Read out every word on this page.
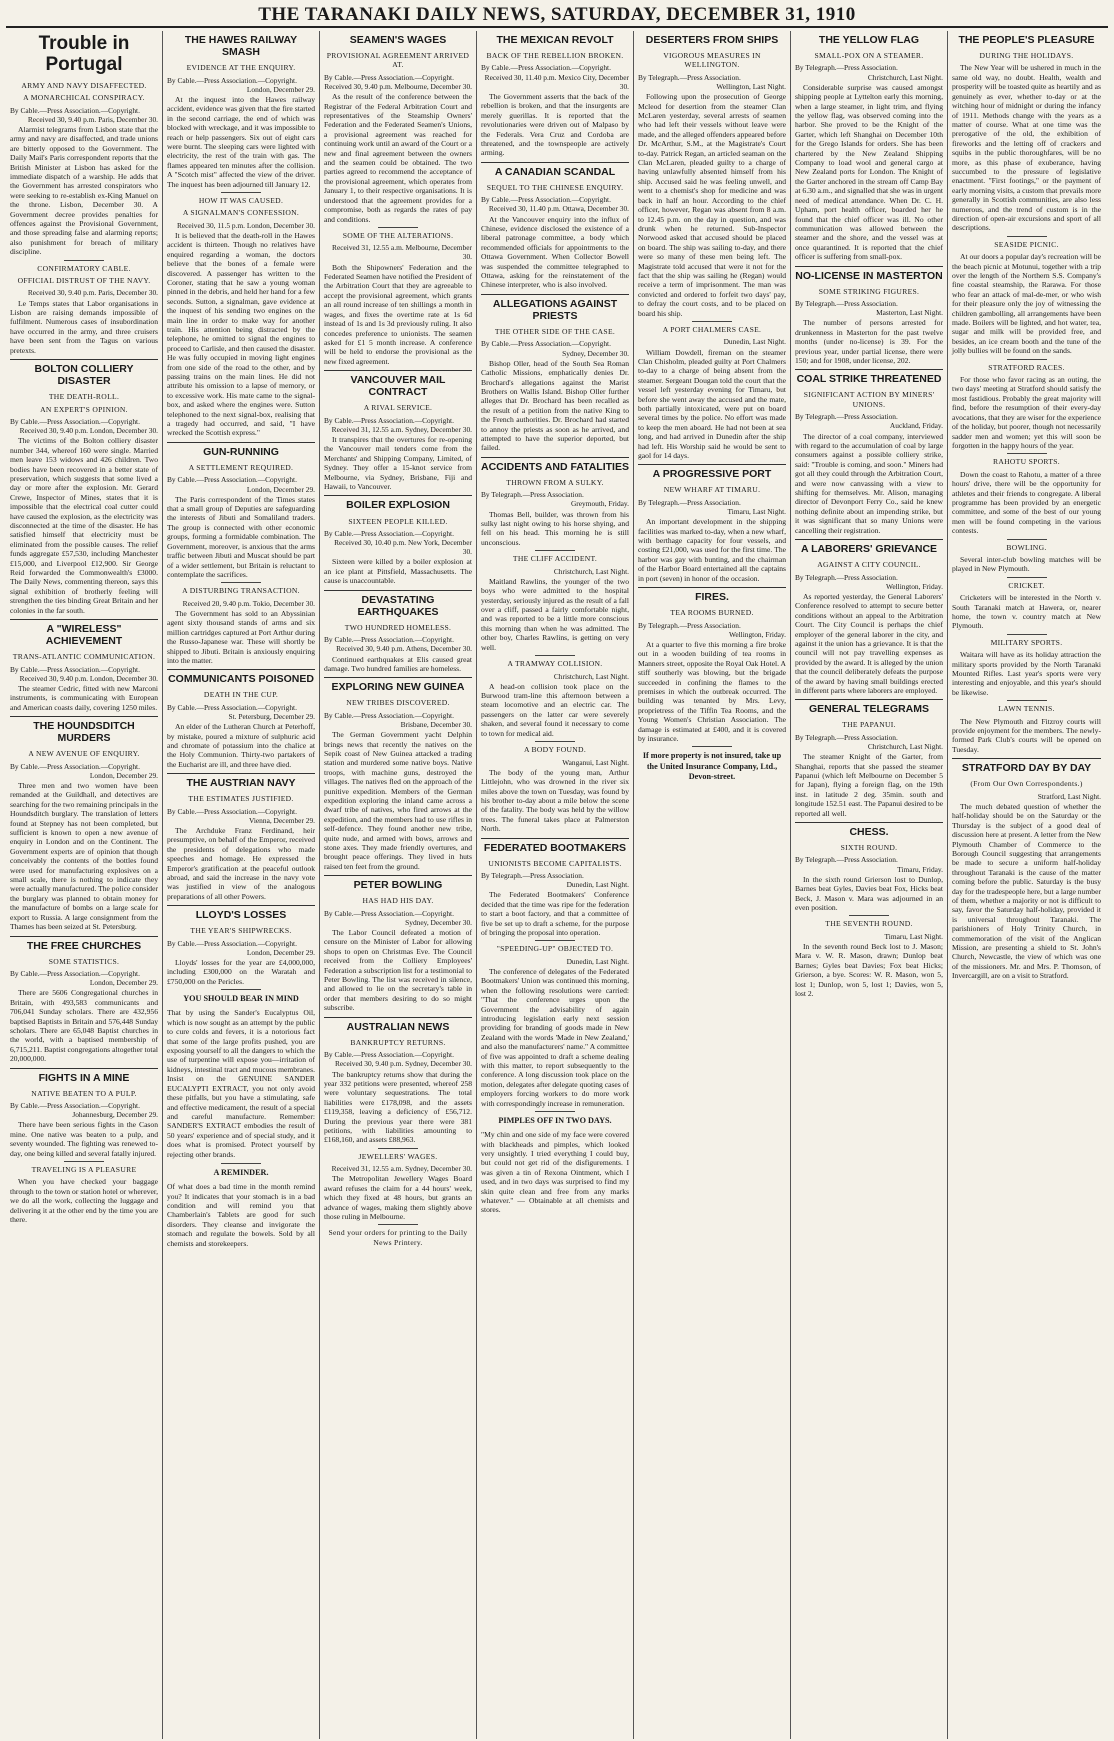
THE TARANAKI DAILY NEWS, SATURDAY, DECEMBER 31, 1910
Trouble in Portugal
ARMY AND NAVY DISAFFECTED.
A MONARCHICAL CONSPIRACY.
By Cable.—Press Association.—Copyright.
Received 30, 9.40 p.m. Paris, December 30.
Alarmist telegrams from Lisbon state that the army and navy are disaffected, and trade unions are bitterly opposed to the Government. The Daily Mail's Paris correspondent reports that the British Minister at Lisbon has asked for the immediate dispatch of a warship. He adds that the Government has arrested conspirators who were seeking to re-establish ex-King Manuel on the throne. Lisbon, December 30. A Government decree provides penalties for offences against the Provisional Government, and those spreading false and alarming reports; also punishment for breach of military discipline.
CONFIRMATORY CABLE.
OFFICIAL DISTRUST OF THE NAVY.
Received 30, 9.40 p.m. Paris, December 30.
Le Temps states that Labor organisations in Lisbon are raising demands impossible of fulfilment. Numerous cases of insubordination have occurred in the army, and three cruisers have been sent from the Tagus on various pretexts.
BOLTON COLLIERY DISASTER
THE DEATH-ROLL.
AN EXPERT'S OPINION.
By Cable.—Press Association.—Copyright.
Received 30, 9.40 p.m. London, December 30.
The victims of the Bolton colliery disaster number 344, whereof 160 were single. Married men leave 153 widows and 426 children. Two bodies have been recovered in a better state of preservation, which suggests that some lived a day or more after the explosion. Mr. Gerard Crewe, Inspector of Mines, states that it is impossible that the electrical coal cutter could have caused the explosion, as the electricity was disconnected at the time of the disaster. He has satisfied himself that electricity must be eliminated from the possible causes. The relief funds aggregate £57,530, including Manchester £15,000, and Liverpool £12,900. Sir George Reid forwarded the Commonwealth's £3000. The Daily News, commenting thereon, says this signal exhibition of brotherly feeling will strengthen the ties binding Great Britain and her colonies in the far south.
A "WIRELESS" ACHIEVEMENT
TRANS-ATLANTIC COMMUNICATION.
By Cable.—Press Association.—Copyright.
Received 30, 9.40 p.m. London, December 30.
The steamer Cedric, fitted with new Marconi instruments, is communicating with European and American coasts daily, covering 1250 miles.
THE HOUNDSDITCH MURDERS
A NEW AVENUE OF ENQUIRY.
By Cable.—Press Association.—Copyright.
London, December 29.
Three men and two women have been remanded at the Guildhall, and detectives are searching for the two remaining principals in the Houndsditch burglary. The translation of letters found at Stepney has not been completed, but sufficient is known to open a new avenue of enquiry in London and on the Continent. The Government experts are of opinion that though conceivably the contents of the bottles found were used for manufacturing explosives on a small scale, there is nothing to indicate they were actually manufactured. The police consider the burglary was planned to obtain money for the manufacture of bombs on a large scale for export to Russia. A large consignment from the Thames has been seized at St. Petersburg.
THE FREE CHURCHES
SOME STATISTICS.
By Cable.—Press Association.—Copyright.
London, December 29.
There are 5606 Congregational churches in Britain, with 493,583 communicants and 706,041 Sunday scholars. There are 432,956 baptised Baptists in Britain and 576,448 Sunday scholars. There are 65,048 Baptist churches in the world, with a baptised membership of 6,715,211. Baptist congregations altogether total 20,000,000.
FIGHTS IN A MINE
NATIVE BEATEN TO A PULP.
By Cable.—Press Association.—Copyright.
Johannesburg, December 29.
There have been serious fights in the Cason mine. One native was beaten to a pulp, and seventy wounded. The fighting was renewed to-day, one being killed and several fatally injured.
TRAVELING IS A PLEASURE
When you have checked your baggage through to the town or station hotel or wherever, we do all the work, collecting the luggage and delivering it at the other end by the time you are there.
THE HAWES RAILWAY SMASH
EVIDENCE AT THE ENQUIRY.
By Cable.—Press Association.—Copyright.
London, December 29.
At the inquest into the Hawes railway accident, evidence was given that the fire started in the second carriage, the end of which was blocked with wreckage, and it was impossible to reach or help passengers. Six out of eight cars were burnt. The sleeping cars were lighted with electricity, the rest of the train with gas. The flames appeared ten minutes after the collision. A "Scotch mist" affected the view of the driver. The inquest has been adjourned till January 12.
HOW IT WAS CAUSED.
A SIGNALMAN'S CONFESSION.
Received 30, 11.5 p.m. London, December 30.
It is believed that the death-roll in the Hawes accident is thirteen. Though no relatives have enquired regarding a woman, the doctors believe that the bones of a female were discovered. A passenger has written to the Coroner, stating that he saw a young woman pinned in the debris, and held her hand for a few seconds. Sutton, a signalman, gave evidence at the inquest of his sending two engines on the main line in order to make way for another train. His attention being distracted by the telephone, he omitted to signal the engines to proceed to Carlisle, and then caused the disaster. He was fully occupied in moving light engines from one side of the road to the other, and by passing trains on the main lines. He did not attribute his omission to a lapse of memory, or to excessive work. His mate came to the signal-box, and asked where the engines were. Sutton telephoned to the next signal-box, realising that a tragedy had occurred, and said, "I have wrecked the Scottish express."
GUN-RUNNING
A SETTLEMENT REQUIRED.
By Cable.—Press Association.—Copyright.
London, December 29.
The Paris correspondent of the Times states that a small group of Deputies are safeguarding the interests of Jibuti and Somaliland traders. The group is connected with other economic groups, forming a formidable combination. The Government, moreover, is anxious that the arms traffic between Jibuti and Muscat should be part of a wider settlement, but Britain is reluctant to contemplate the sacrifices.
A DISTURBING TRANSACTION.
Received 20, 9.40 p.m. Tokio, December 30.
The Government has sold to an Abyssinian agent sixty thousand stands of arms and six million cartridges captured at Port Arthur during the Russo-Japanese war. These will shortly be shipped to Jibuti. Britain is anxiously enquiring into the matter.
COMMUNICANTS POISONED
DEATH IN THE CUP.
By Cable.—Press Association.—Copyright.
St. Petersburg, December 29.
An elder of the Lutheran Church at Peterhoff, by mistake, poured a mixture of sulphuric acid and chromate of potassium into the chalice at the Holy Communion. Thirty-two partakers of the Eucharist are ill, and three have died.
THE AUSTRIAN NAVY
THE ESTIMATES JUSTIFIED.
By Cable.—Press Association.—Copyright.
Vienna, December 29.
The Archduke Franz Ferdinand, heir presumptive, on behalf of the Emperor, received the presidents of delegations who made speeches and homage. He expressed the Emperor's gratification at the peaceful outlook abroad, and said the increase in the navy vote was justified in view of the analogous preparations of all other Powers.
LLOYD'S LOSSES
THE YEAR'S SHIPWRECKS.
By Cable.—Press Association.—Copyright.
London, December 29.
Lloyds' losses for the year are £4,000,000, including £300,000 on the Waratah and £750,000 on the Pericles.
YOU SHOULD BEAR IN MIND
That by using the Sander's Eucalyptus Oil, which is now sought as an attempt by the public to cure colds and fevers, it is a notorious fact that some of the large profits pushed, you are exposing yourself to all the dangers to which the use of turpentine will expose you—irritation of kidneys, intestinal tract and mucous membranes. Insist on the GENUINE SANDER EUCALYPTI EXTRACT, you not only avoid these pitfalls, but you have a stimulating, safe and effective medicament, the result of a special and careful manufacture. Remember: SANDER'S EXTRACT embodies the result of 50 years' experience and of special study, and it does what is promised. Protect yourself by rejecting other brands.
A REMINDER.
Of what does a bad time in the month remind you? It indicates that your stomach is in a bad condition and will remind you that Chamberlain's Tablets are good for such disorders. They cleanse and invigorate the stomach and regulate the bowels. Sold by all chemists and storekeepers.
SEAMEN'S WAGES
PROVISIONAL AGREEMENT ARRIVED AT.
By Cable.—Press Association.—Copyright.
Received 30, 9.40 p.m. Melbourne, December 30.
As the result of the conference between the Registrar of the Federal Arbitration Court and representatives of the Steamship Owners' Federation and the Federated Seamen's Unions, a provisional agreement was reached for continuing work until an award of the Court or a new and final agreement between the owners and the seamen could be obtained. The two parties agreed to recommend the acceptance of the provisional agreement, which operates from January 1, to their respective organisations. It is understood that the agreement provides for a compromise, both as regards the rates of pay and conditions.
SOME OF THE ALTERATIONS.
Received 31, 12.55 a.m. Melbourne, December 30.
Both the Shipowners' Federation and the Federated Seamen have notified the President of the Arbitration Court that they are agreeable to accept the provisional agreement, which grants an all round increase of ten shillings a month in wages, and fixes the overtime rate at 1s 6d instead of 1s and 1s 3d previously ruling. It also concedes preference to unionists. The seamen asked for £1 5 month increase. A conference will be held to endorse the provisional as the new fixed agreement.
VANCOUVER MAIL CONTRACT
A RIVAL SERVICE.
By Cable.—Press Association.—Copyright.
Received 31, 12.55 a.m. Sydney, December 30.
It transpires that the overtures for re-opening the Vancouver mail tenders come from the Merchants' and Shipping Company, Limited, of Sydney. They offer a 15-knot service from Melbourne, via Sydney, Brisbane, Fiji and Hawaii, to Vancouver.
BOILER EXPLOSION
SIXTEEN PEOPLE KILLED.
By Cable.—Press Association.—Copyright.
Received 30, 10.40 p.m. New York, December 30.
Sixteen were killed by a boiler explosion at an ice plant at Pittsfield, Massachusetts. The cause is unaccountable.
DEVASTATING EARTHQUAKES
TWO HUNDRED HOMELESS.
By Cable.—Press Association.—Copyright.
Received 30, 9.40 p.m. Athens, December 30.
Continued earthquakes at Elis caused great damage. Two hundred families are homeless.
EXPLORING NEW GUINEA
NEW TRIBES DISCOVERED.
By Cable.—Press Association.—Copyright.
Brisbane, December 30.
The German Government yacht Delphin brings news that recently the natives on the Sepik coast of New Guinea attacked a trading station and murdered some native boys. Native troops, with machine guns, destroyed the villages. The natives fled on the approach of the punitive expedition. Members of the German expedition exploring the inland came across a dwarf tribe of natives, who fired arrows at the expedition, and the members had to use rifles in self-defence. They found another new tribe, quite nude, and armed with bows, arrows and stone axes. They made friendly overtures, and brought peace offerings. They lived in huts raised ten feet from the ground.
PETER BOWLING
HAS HAD HIS DAY.
By Cable.—Press Association.—Copyright.
Sydney, December 30.
The Labor Council defeated a motion of censure on the Minister of Labor for allowing shops to open on Christmas Eve. The Council received from the Colliery Employees' Federation a subscription list for a testimonial to Peter Bowling. The list was received in silence, and allowed to lie on the secretary's table in order that members desiring to do so might subscribe.
AUSTRALIAN NEWS
BANKRUPTCY RETURNS.
By Cable.—Press Association.—Copyright.
Received 30, 9.40 p.m. Sydney, December 30.
The bankruptcy returns show that during the year 332 petitions were presented, whereof 258 were voluntary sequestrations. The total liabilities were £178,098, and the assets £119,358, leaving a deficiency of £56,712. During the previous year there were 381 petitions, with liabilities amounting to £168,160, and assets £88,963.
JEWELLERS' WAGES.
Received 31, 12.55 a.m. Sydney, December 30.
The Metropolitan Jewellery Wages Board award refuses the claim for a 44 hours' week, which they fixed at 48 hours, but grants an advance of wages, making them slightly above those ruling in Melbourne.
Send your orders for printing to the Daily News Printery.
THE MEXICAN REVOLT
BACK OF THE REBELLION BROKEN.
By Cable.—Press Association.—Copyright.
Received 30, 11.40 p.m. Mexico City, December 30.
The Government asserts that the back of the rebellion is broken, and that the insurgents are merely guerillas. It is reported that the revolutionaries were driven out of Malpaso by the Federals. Vera Cruz and Cordoba are threatened, and the townspeople are actively arming.
A CANADIAN SCANDAL
SEQUEL TO THE CHINESE ENQUIRY.
By Cable.—Press Association.—Copyright.
Received 30, 11.40 p.m. Ottawa, December 30.
At the Vancouver enquiry into the influx of Chinese, evidence disclosed the existence of a liberal patronage committee, a body which recommended officials for appointments to the Ottawa Government. When Collector Bowell was suspended the committee telegraphed to Ottawa, asking for the reinstatement of the Chinese interpreter, who is also involved.
ALLEGATIONS AGAINST PRIESTS
THE OTHER SIDE OF THE CASE.
By Cable.—Press Association.—Copyright.
Sydney, December 30.
Bishop Oller, head of the South Sea Roman Catholic Missions, emphatically denies Dr. Brochard's allegations against the Marist Brothers on Wallis Island. Bishop Oller further alleges that Dr. Brochard has been recalled as the result of a petition from the native King to the French authorities. Dr. Brochard had started to annoy the priests as soon as he arrived, and attempted to have the superior deported, but failed.
ACCIDENTS AND FATALITIES
THROWN FROM A SULKY.
By Telegraph.—Press Association.
Greymouth, Friday.
Thomas Bell, builder, was thrown from his sulky last night owing to his horse shying, and fell on his head. This morning he is still unconscious.
THE CLIFF ACCIDENT.
Christchurch, Last Night.
Maitland Rawlins, the younger of the two boys who were admitted to the hospital yesterday, seriously injured as the result of a fall over a cliff, passed a fairly comfortable night, and was reported to be a little more conscious this morning than when he was admitted. The other boy, Charles Rawlins, is getting on very well.
A TRAMWAY COLLISION.
Christchurch, Last Night.
A head-on collision took place on the Burwood tram-line this afternoon between a steam locomotive and an electric car. The passengers on the latter car were severely shaken, and several found it necessary to come to town for medical aid.
A BODY FOUND.
Wanganui, Last Night.
The body of the young man, Arthur Littlejohn, who was drowned in the river six miles above the town on Tuesday, was found by his brother to-day about a mile below the scene of the fatality. The body was held by the willow trees. The funeral takes place at Palmerston North.
FEDERATED BOOTMAKERS
UNIONISTS BECOME CAPITALISTS.
By Telegraph.—Press Association.
Dunedin, Last Night.
The Federated Bootmakers' Conference decided that the time was ripe for the federation to start a boot factory, and that a committee of five be set up to draft a scheme, for the purpose of bringing the proposal into operation.
"SPEEDING-UP" OBJECTED TO.
Dunedin, Last Night.
The conference of delegates of the Federated Bootmakers' Union was continued this morning, when the following resolutions were carried: "That the conference urges upon the Government the advisability of again introducing legislation early next session providing for branding of goods made in New Zealand with the words 'Made in New Zealand,' and also the manufacturers' name." A committee of five was appointed to draft a scheme dealing with this matter, to report subsequently to the conference. A long discussion took place on the motion, delegates after delegate quoting cases of employers forcing workers to do more work with correspondingly increase in remuneration.
PIMPLES OFF IN TWO DAYS.
"My chin and one side of my face were covered with blackheads and pimples, which looked very unsightly. I tried everything I could buy, but could not get rid of the disfigurements. I was given a tin of Rexona Ointment, which I used, and in two days was surprised to find my skin quite clean and free from any marks whatever." — Obtainable at all chemists and stores.
DESERTERS FROM SHIPS
VIGOROUS MEASURES IN WELLINGTON.
By Telegraph.—Press Association.
Wellington, Last Night.
Following upon the prosecution of George Mcleod for desertion from the steamer Clan McLaren yesterday, several arrests of seamen who had left their vessels without leave were made, and the alleged offenders appeared before Dr. McArthur, S.M., at the Magistrate's Court to-day. Patrick Regan, an articled seaman on the Clan McLaren, pleaded guilty to a charge of having unlawfully absented himself from his ship. Accused said he was feeling unwell, and went to a chemist's shop for medicine and was back in half an hour. According to the chief officer, however, Regan was absent from 8 a.m. to 12.45 p.m. on the day in question, and was drunk when he returned. Sub-Inspector Norwood asked that accused should be placed on board. The ship was sailing to-day, and there were so many of these men being left. The Magistrate told accused that were it not for the fact that the ship was sailing he (Regan) would receive a term of imprisonment. The man was convicted and ordered to forfeit two days' pay, to defray the court costs, and to be placed on board his ship.
A PORT CHALMERS CASE.
Dunedin, Last Night.
William Dowdell, fireman on the steamer Clan Chisholm, pleaded guilty at Port Chalmers to-day to a charge of being absent from the steamer. Sergeant Dougan told the court that the vessel left yesterday evening for Timaru, but before she went away the accused and the mate, both partially intoxicated, were put on board several times by the police. No effort was made to keep the men aboard. He had not been at sea long, and had arrived in Dunedin after the ship had left. His Worship said he would be sent to gaol for 14 days.
A PROGRESSIVE PORT
NEW WHARF AT TIMARU.
By Telegraph.—Press Association.
Timaru, Last Night.
An important development in the shipping facilities was marked to-day, when a new wharf, with berthage capacity for four vessels, and costing £21,000, was used for the first time. The harbor was gay with bunting, and the chairman of the Harbor Board entertained all the captains in port (seven) in honor of the occasion.
FIRES.
TEA ROOMS BURNED.
By Telegraph.—Press Association.
Wellington, Friday.
At a quarter to five this morning a fire broke out in a wooden building of tea rooms in Manners street, opposite the Royal Oak Hotel. A stiff southerly was blowing, but the brigade succeeded in confining the flames to the premises in which the outbreak occurred. The building was tenanted by Mrs. Levy, proprietress of the Tiffin Tea Rooms, and the Young Women's Christian Association. The damage is estimated at £400, and it is covered by insurance.
If more property is not insured, take up the United Insurance Company, Ltd., Devon-street.
THE YELLOW FLAG
SMALL-POX ON A STEAMER.
By Telegraph.—Press Association.
Christchurch, Last Night.
Considerable surprise was caused amongst shipping people at Lyttelton early this morning, when a large steamer, in light trim, and flying the yellow flag, was observed coming into the harbor. She proved to be the Knight of the Garter, which left Shanghai on December 10th for the Grego Islands for orders. She has been chartered by the New Zealand Shipping Company to load wool and general cargo at New Zealand ports for London. The Knight of the Garter anchored in the stream off Camp Bay at 6.30 a.m., and signalled that she was in urgent need of medical attendance. When Dr. C. H. Upham, port health officer, boarded her he found that the chief officer was ill. No other communication was allowed between the steamer and the shore, and the vessel was at once quarantined. It is reported that the chief officer is suffering from small-pox.
NO-LICENSE IN MASTERTON
SOME STRIKING FIGURES.
By Telegraph.—Press Association.
Masterton, Last Night.
The number of persons arrested for drunkenness in Masterton for the past twelve months (under no-license) is 39. For the previous year, under partial license, there were 150; and for 1908, under license, 202.
COAL STRIKE THREATENED
SIGNIFICANT ACTION BY MINERS' UNIONS.
By Telegraph.—Press Association.
Auckland, Friday.
The director of a coal company, interviewed with regard to the accumulation of coal by large consumers against a possible colliery strike, said: "Trouble is coming, and soon." Miners had got all they could through the Arbitration Court, and were now canvassing with a view to shifting for themselves. Mr. Alison, managing director of Devonport Ferry Co., said he knew nothing definite about an impending strike, but it was significant that so many Unions were cancelling their registration.
A LABORERS' GRIEVANCE
AGAINST A CITY COUNCIL.
By Telegraph.—Press Association.
Wellington, Friday.
As reported yesterday, the General Laborers' Conference resolved to attempt to secure better conditions without an appeal to the Arbitration Court. The City Council is perhaps the chief employer of the general laborer in the city, and against it the union has a grievance. It is that the council will not pay travelling expenses as provided by the award. It is alleged by the union that the council deliberately defeats the purpose of the award by having small buildings erected in different parts where laborers are employed.
GENERAL TELEGRAMS
THE PAPANUI.
By Telegraph.—Press Association.
Christchurch, Last Night.
The steamer Knight of the Garter, from Shanghai, reports that she passed the steamer Papanui (which left Melbourne on December 5 for Japan), flying a foreign flag, on the 19th inst. in latitude 2 deg. 35min. south and longitude 152.51 east. The Papanui desired to be reported all well.
CHESS.
SIXTH ROUND.
By Telegraph.—Press Association.
Timaru, Friday.
In the sixth round Grierson lost to Dunlop, Barnes beat Gyles, Davies beat Fox, Hicks beat Beck, J. Mason v. Mara was adjourned in an even position.
THE SEVENTH ROUND.
Timaru, Last Night.
In the seventh round Beck lost to J. Mason; Mara v. W. R. Mason, drawn; Dunlop beat Barnes; Gyles beat Davies; Fox beat Hicks; Grierson, a bye. Scores: W. R. Mason, won 5, lost 1; Dunlop, won 5, lost 1; Davies, won 5, lost 2.
THE PEOPLE'S PLEASURE
DURING THE HOLIDAYS.
The New Year will be ushered in much in the same old way, no doubt. Health, wealth and prosperity will be toasted quite as heartily and as genuinely as ever, whether to-day or at the witching hour of midnight or during the infancy of 1911. Methods change with the years as a matter of course. What at one time was the prerogative of the old, the exhibition of fireworks and the letting off of crackers and squibs in the public thoroughfares, will be no more, as this phase of exuberance, having succumbed to the pressure of legislative enactment. "First footings," or the payment of early morning visits, a custom that prevails more generally in Scottish communities, are also less numerous, and the trend of custom is in the direction of open-air excursions and sport of all descriptions.
SEASIDE PICNIC.
At our doors a popular day's recreation will be the beach picnic at Motunui, together with a trip over the length of the Northern S.S. Company's fine coastal steamship, the Rarawa. For those who fear an attack of mal-de-mer, or who wish for their pleasure only the joy of witnessing the children gambolling, all arrangements have been made. Boilers will be lighted, and hot water, tea, sugar and milk will be provided free, and besides, an ice cream booth and the tune of the jolly bullies will be found on the sands.
STRATFORD RACES.
For those who favor racing as an outing, the two days' meeting at Stratford should satisfy the most fastidious. Probably the great majority will find, before the resumption of their every-day avocations, that they are wiser for the experience of the holiday, but poorer, though not necessarily sadder men and women; yet this will soon be forgotten in the happy hours of the year.
RAHOTU SPORTS.
Down the coast to Rahotu, a matter of a three hours' drive, there will be the opportunity for athletes and their friends to congregate. A liberal programme has been provided by an energetic committee, and some of the best of our young men will be found competing in the various contests.
BOWLING.
Several inter-club bowling matches will be played in New Plymouth.
CRICKET.
Cricketers will be interested in the North v. South Taranaki match at Hawera, or, nearer home, the town v. country match at New Plymouth.
MILITARY SPORTS.
Waitara will have as its holiday attraction the military sports provided by the North Taranaki Mounted Rifles. Last year's sports were very interesting and enjoyable, and this year's should be likewise.
LAWN TENNIS.
The New Plymouth and Fitzroy courts will provide enjoyment for the members. The newly-formed Park Club's courts will be opened on Tuesday.
STRATFORD DAY BY DAY
(From Our Own Correspondents.)
Stratford, Last Night.
The much debated question of whether the half-holiday should be on the Saturday or the Thursday is the subject of a good deal of discussion here at present. A letter from the New Plymouth Chamber of Commerce to the Borough Council suggesting that arrangements be made to secure a uniform half-holiday throughout Taranaki is the cause of the matter coming before the public. Saturday is the busy day for the tradespeople here, but a large number of them, whether a majority or not is difficult to say, favor the Saturday half-holiday, provided it is universal throughout Taranaki. The parishioners of Holy Trinity Church, in commemoration of the visit of the Anglican Mission, are presenting a shield to St. John's Church, Newcastle, the view of which was one of the missioners. Mr. and Mrs. P. Thomson, of Invercargill, are on a visit to Stratford.
